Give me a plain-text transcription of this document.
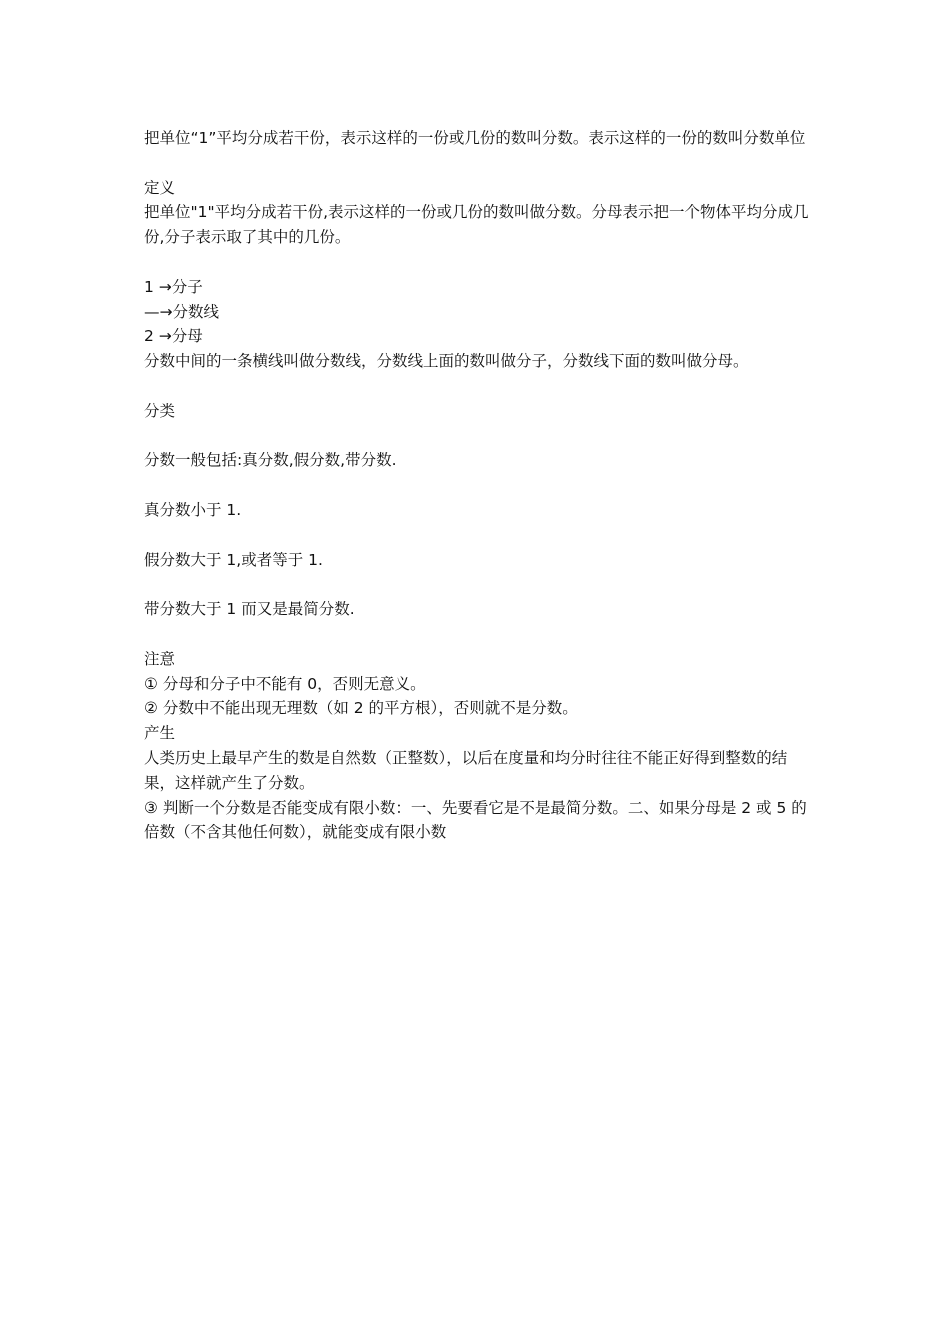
把单位“1”平均分成若干份，表示这样的一份或几份的数叫分数。表示这样的一份的数叫分数单位
定义
把单位"1"平均分成若干份,表示这样的一份或几份的数叫做分数。分母表示把一个物体平均分成几份,分子表示取了其中的几份。
1 →分子
—→分数线
2 →分母
分数中间的一条横线叫做分数线，分数线上面的数叫做分子，分数线下面的数叫做分母。
分类
分数一般包括:真分数,假分数,带分数.
真分数小于 1.
假分数大于 1,或者等于 1.
带分数大于 1 而又是最简分数.
注意
① 分母和分子中不能有 0，否则无意义。
② 分数中不能出现无理数（如 2 的平方根），否则就不是分数。
产生
人类历史上最早产生的数是自然数（正整数），以后在度量和均分时往往不能正好得到整数的结果，这样就产生了分数。
③ 判断一个分数是否能变成有限小数：一、先要看它是不是最简分数。二、如果分母是 2 或 5 的倍数（不含其他任何数），就能变成有限小数
